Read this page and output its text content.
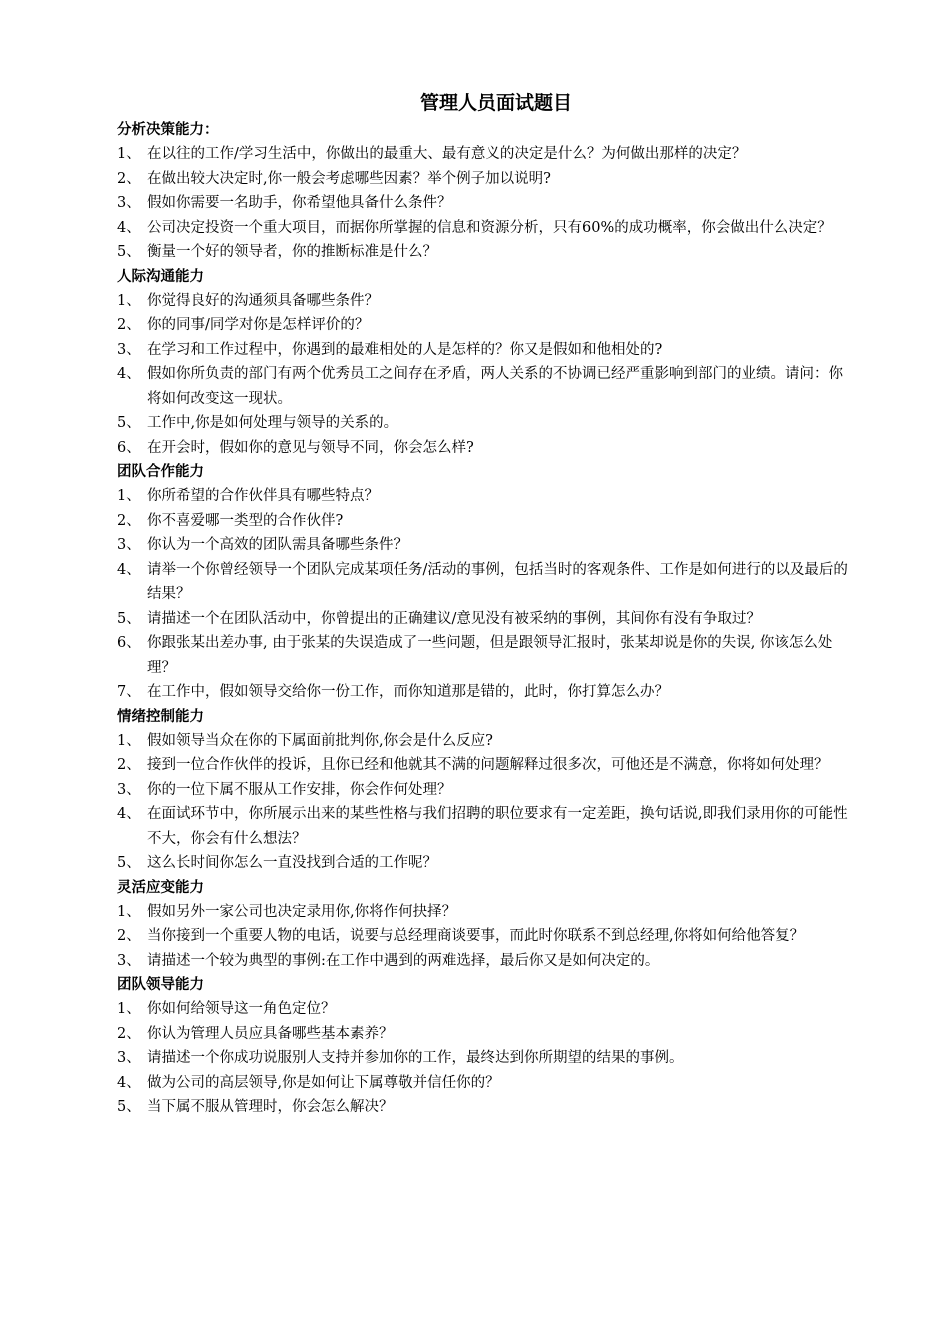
管理人员面试题目
分析决策能力：
1、 在以往的工作/学习生活中，你做出的最重大、最有意义的决定是什么？为何做出那样的决定？
2、 在做出较大决定时,你一般会考虑哪些因素？举个例子加以说明?
3、 假如你需要一名助手，你希望他具备什么条件？
4、 公司决定投资一个重大项目，而据你所掌握的信息和资源分析，只有60%的成功概率，你会做出什么决定？
5、 衡量一个好的领导者，你的推断标准是什么？
人际沟通能力
1、 你觉得良好的沟通须具备哪些条件？
2、 你的同事/同学对你是怎样评价的？
3、 在学习和工作过程中，你遇到的最难相处的人是怎样的？你又是假如和他相处的?
4、 假如你所负责的部门有两个优秀员工之间存在矛盾，两人关系的不协调已经严重影响到部门的业绩。请问：你将如何改变这一现状。
5、 工作中,你是如何处理与领导的关系的。
6、 在开会时，假如你的意见与领导不同，你会怎么样?
团队合作能力
1、 你所希望的合作伙伴具有哪些特点？
2、 你不喜爱哪一类型的合作伙伴?
3、 你认为一个高效的团队需具备哪些条件？
4、 请举一个你曾经领导一个团队完成某项任务/活动的事例，包括当时的客观条件、工作是如何进行的以及最后的结果？
5、 请描述一个在团队活动中，你曾提出的正确建议/意见没有被采纳的事例，其间你有没有争取过？
6、 你跟张某出差办事, 由于张某的失误造成了一些问题，但是跟领导汇报时，张某却说是你的失误, 你该怎么处理？
7、 在工作中，假如领导交给你一份工作，而你知道那是错的，此时，你打算怎么办？
情绪控制能力
1、 假如领导当众在你的下属面前批判你,你会是什么反应?
2、 接到一位合作伙伴的投诉，且你已经和他就其不满的问题解释过很多次，可他还是不满意，你将如何处理？
3、 你的一位下属不服从工作安排，你会作何处理？
4、 在面试环节中，你所展示出来的某些性格与我们招聘的职位要求有一定差距，换句话说,即我们录用你的可能性不大，你会有什么想法？
5、 这么长时间你怎么一直没找到合适的工作呢？
灵活应变能力
1、 假如另外一家公司也决定录用你,你将作何抉择？
2、 当你接到一个重要人物的电话，说要与总经理商谈要事，而此时你联系不到总经理,你将如何给他答复？
3、 请描述一个较为典型的事例:在工作中遇到的两难选择，最后你又是如何决定的。
团队领导能力
1、 你如何给领导这一角色定位？
2、 你认为管理人员应具备哪些基本素养？
3、 请描述一个你成功说服别人支持并参加你的工作，最终达到你所期望的结果的事例。
4、 做为公司的高层领导,你是如何让下属尊敬并信任你的？
5、 当下属不服从管理时，你会怎么解决？
